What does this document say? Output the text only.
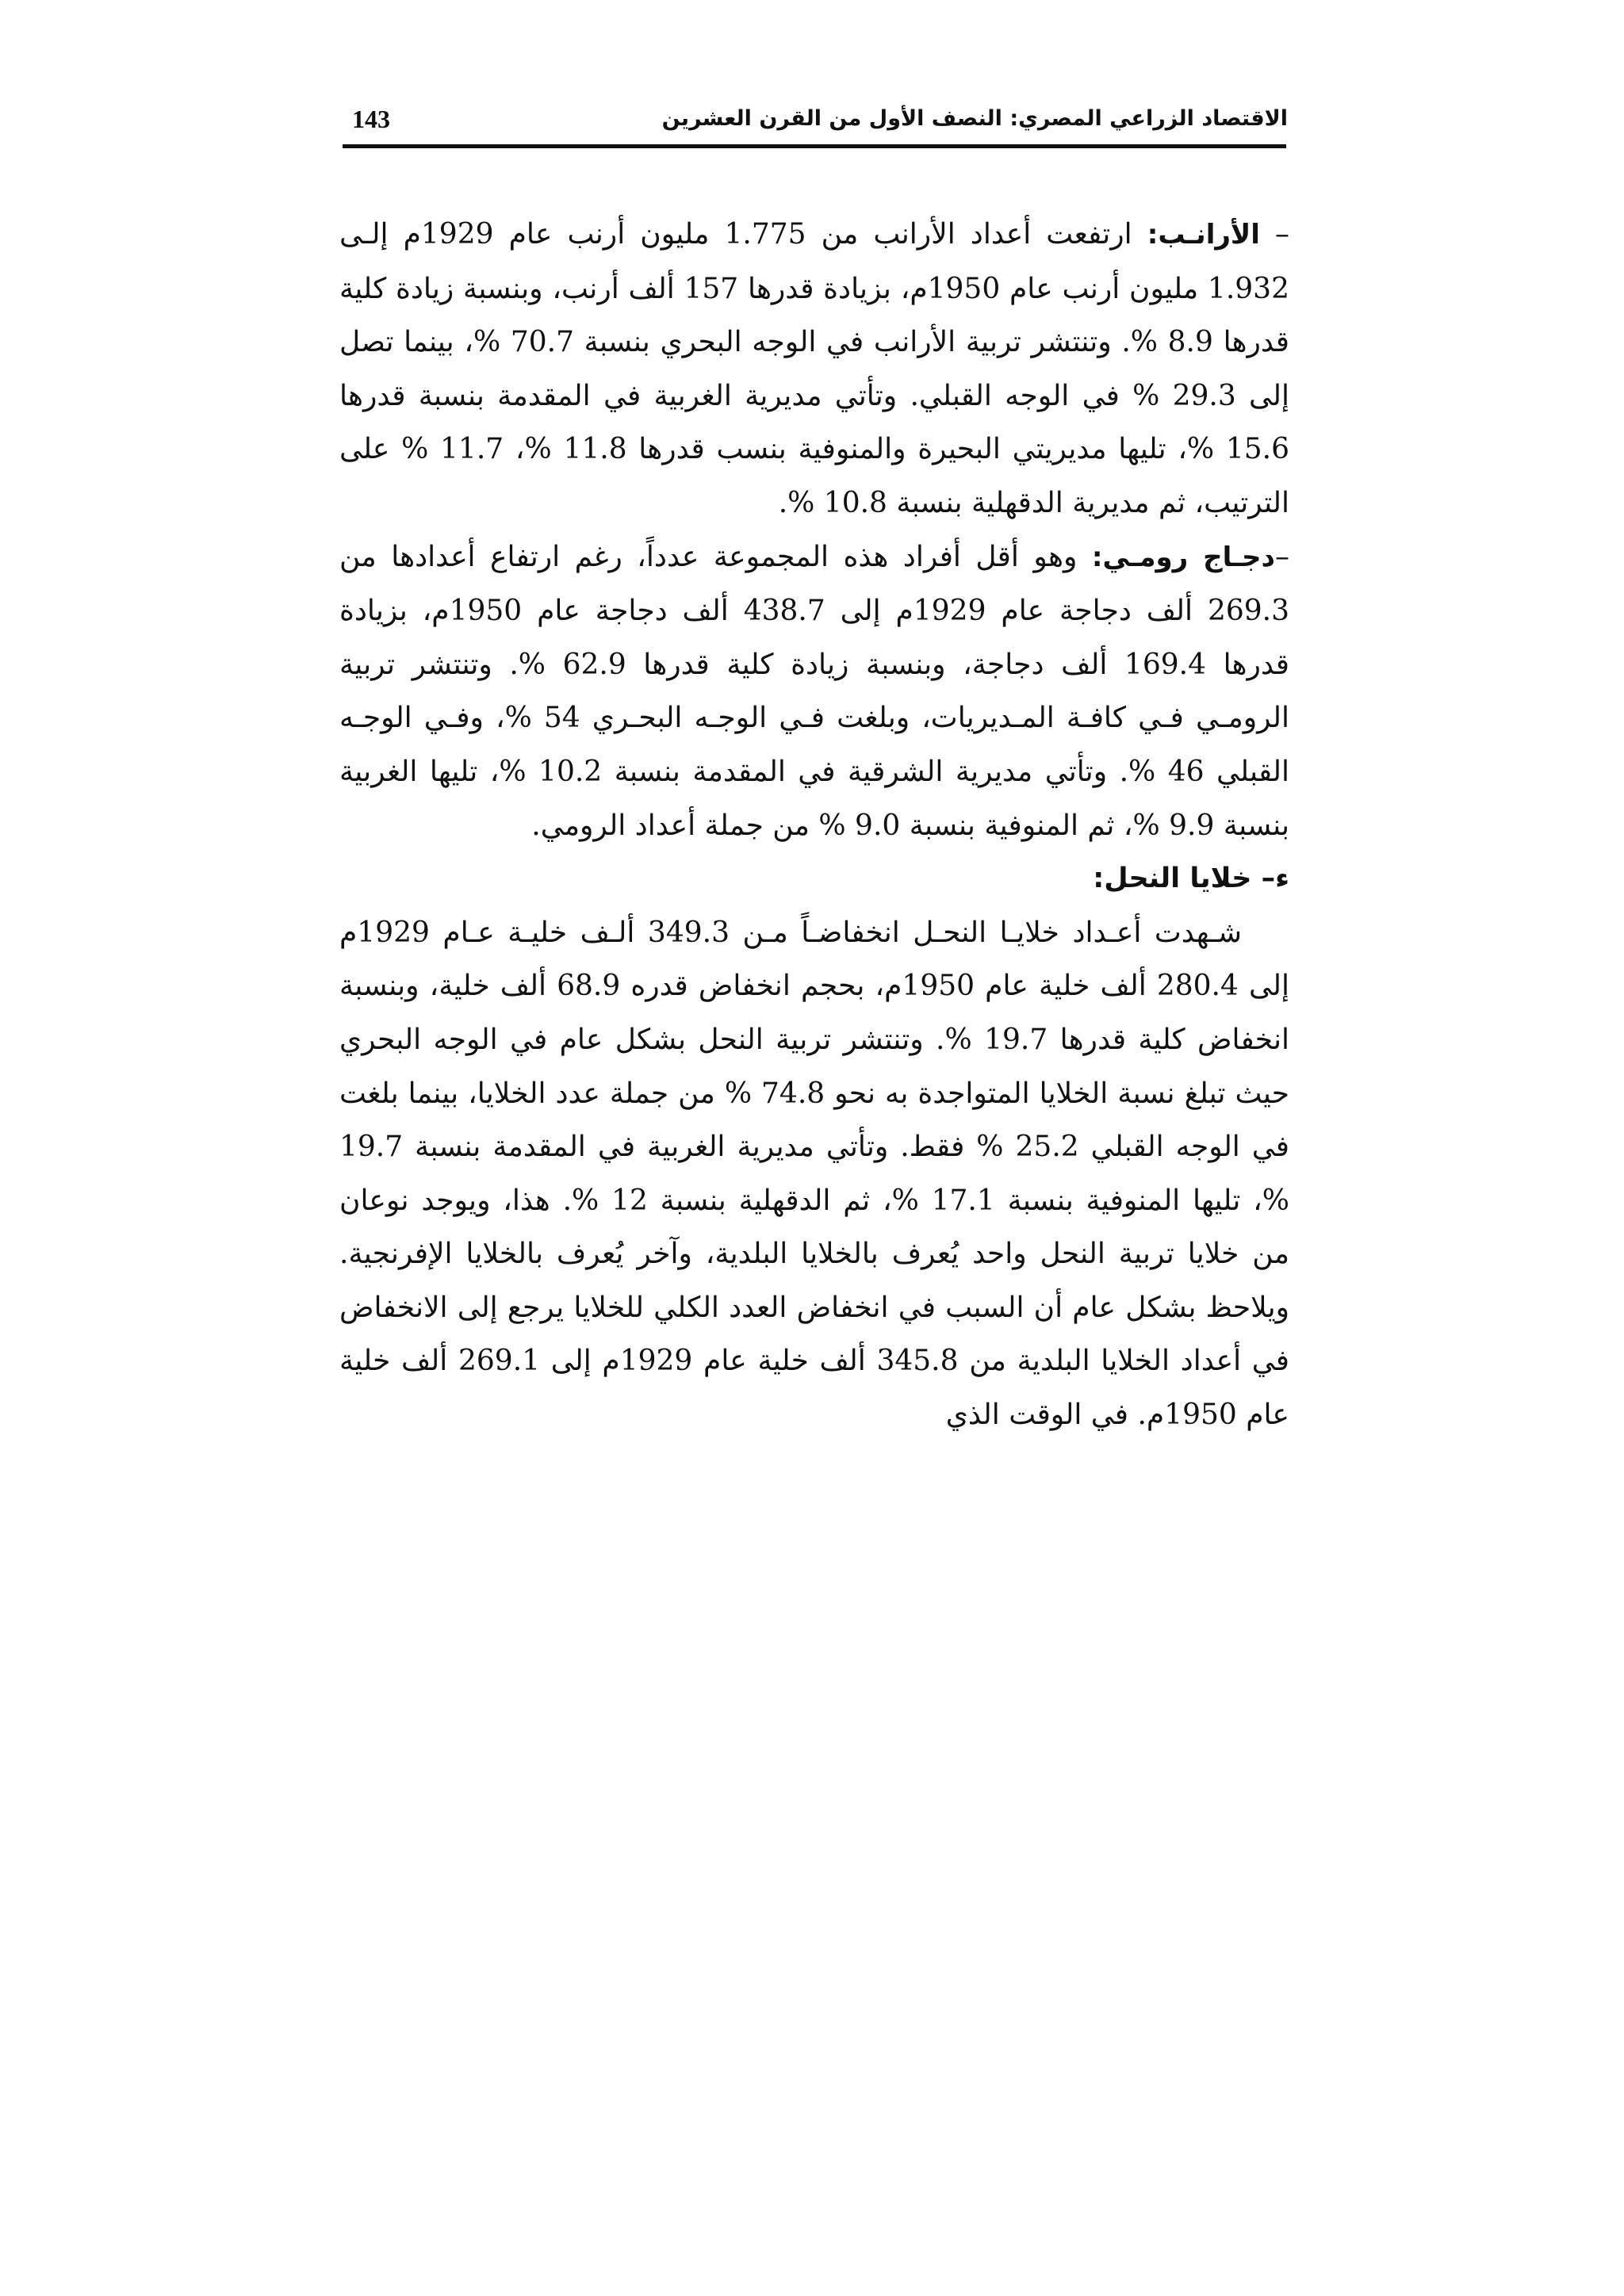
الاقتصاد الزراعي المصري: النصف الأول من القرن العشرين
143

– الأرانـب: ارتفعت أعداد الأرانب من 1.775 مليون أرنب عام 1929م إلـى 1.932 مليون أرنب عام 1950م، بزيادة قدرها 157 ألف أرنب، وبنسبة زيادة كلية قدرها 8.9 %. وتنتشر تربية الأرانب في الوجه البحري بنسبة 70.7 %، بينما تصل إلى 29.3 % في الوجه القبلي. وتأتي مديرية الغربية في المقدمة بنسبة قدرها 15.6 %، تليها مديريتي البحيرة والمنوفية بنسب قدرها 11.8 %، 11.7 % على الترتيب، ثم مديرية الدقهلية بنسبة 10.8 %.

–دجـاج رومـي: وهو أقل أفراد هذه المجموعة عدداً، رغم ارتفاع أعدادها من 269.3 ألف دجاجة عام 1929م إلى 438.7 ألف دجاجة عام 1950م، بزيادة قدرها 169.4 ألف دجاجة، وبنسبة زيادة كلية قدرها 62.9 %. وتنتشر تربية الرومـي فـي كافـة المـديريات، وبلغت فـي الوجـه البحـري 54 %، وفـي الوجـه القبلي 46 %. وتأتي مديرية الشرقية في المقدمة بنسبة 10.2 %، تليها الغربية بنسبة 9.9 %، ثم المنوفية بنسبة 9.0 % من جملة أعداد الرومي.

ء– خلايا النحل:

شـهدت أعـداد خلايـا النحـل انخفاضـاً مـن 349.3 ألـف خليـة عـام 1929م إلى 280.4 ألف خلية عام 1950م، بحجم انخفاض قدره 68.9 ألف خلية، وبنسبة انخفاض كلية قدرها 19.7 %. وتنتشر تربية النحل بشكل عام في الوجه البحري حيث تبلغ نسبة الخلايا المتواجدة به نحو 74.8 % من جملة عدد الخلايا، بينما بلغت في الوجه القبلي 25.2 % فقط. وتأتي مديرية الغربية في المقدمة بنسبة 19.7 %، تليها المنوفية بنسبة 17.1 %، ثم الدقهلية بنسبة 12 %. هذا، ويوجد نوعان من خلايا تربية النحل واحد يُعرف بالخلايا البلدية، وآخر يُعرف بالخلايا الإفرنجية. ويلاحظ بشكل عام أن السبب في انخفاض العدد الكلي للخلايا يرجع إلى الانخفاض في أعداد الخلايا البلدية من 345.8 ألف خلية عام 1929م إلى 269.1 ألف خلية عام 1950م. في الوقت الذي
